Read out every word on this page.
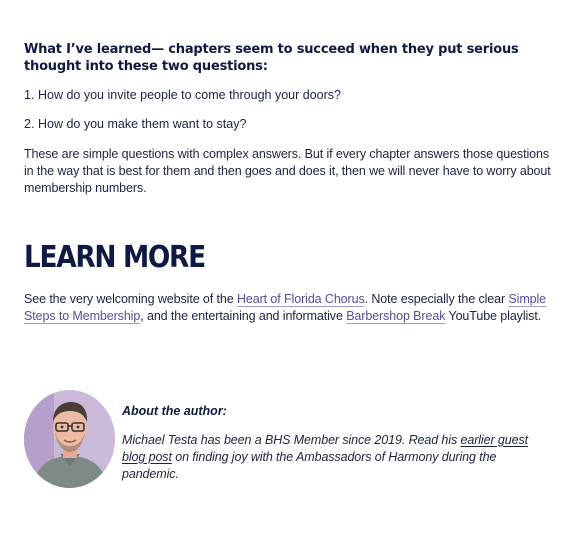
What I’ve learned— chapters seem to succeed when they put serious thought into these two questions:

1. How do you invite people to come through your doors?
2. How do you make them want to stay?

These are simple questions with complex answers. But if every chapter answers those questions in the way that is best for them and then goes and does it, then we will never have to worry about membership numbers.

LEARN MORE

See the very welcoming website of the Heart of Florida Chorus. Note especially the clear Simple Steps to Membership, and the entertaining and informative Barbershop Break YouTube playlist.

About the author:

Michael Testa has been a BHS Member since 2019. Read his earlier guest blog post on finding joy with the Ambassadors of Harmony during the pandemic.
